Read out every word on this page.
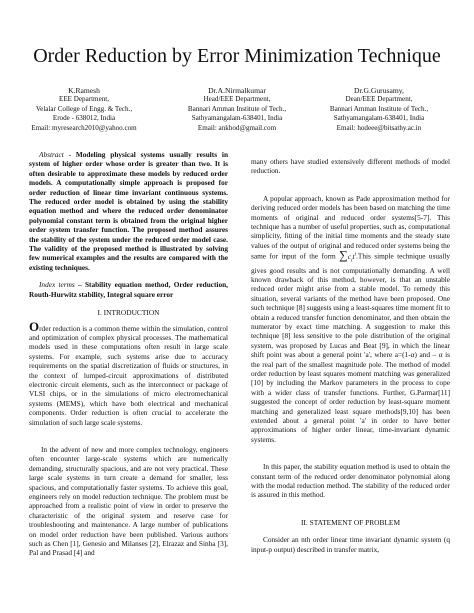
Order Reduction by Error Minimization Technique
K.Ramesh
EEE Department,
Velalar College of Engg. & Tech.,
Erode - 638012, India
Email: myresearch2010@yahoo.com
Dr.A.Nirmalkumar
Head/EEE Department,
Bannari Amman Institute of Tech.,
Sathyamangalam-638401, India
Email: ankhod@gmail.com
Dr.G.Gurusamy,
Dean/EEE Department,
Bannari Amman Institute of Tech.,
Sathyamangalam-638401, India
Email: hodeee@bitsathy.ac.in

Abstract - Modeling physical systems usually results in system of higher order whose order is greater than two. It is often desirable to approximate these models by reduced order models. A computationally simple approach is proposed for order reduction of linear time invariant continuous systems. The reduced order model is obtained by using the stability equation method and where the reduced order denominator polynomial constant term is obtained from the original higher order system transfer function. The proposed method assures the stability of the system under the reduced order model case. The validity of the proposed method is illustrated by solving few numerical examples and the results are compared with the existing techniques.

Index terms – Stability equation method, Order reduction, Routh-Hurwitz stability, Integral square error

I. INTRODUCTION

Order reduction is a common theme within the simulation, control and optimization of complex physical processes. The mathematical models used in these computations often result in large scale systems. For example, such systems arise due to accuracy requirements on the spatial discretization of fluids or structures, in the context of lumped-circuit approximations of distributed electronic circuit elements, such as the interconnect or package of VLSI chips, or in the simulations of micro electromechanical systems (MEMS), which have both electrical and mechanical components. Order reduction is often crucial to accelerate the simulation of such large scale systems.

In the advent of new and more complex technology, engineers often encounter large-scale systems which are numerically demanding, structurally spacious, and are not very practical. These large scale systems in turn create a demand for smaller, less spacious, and computationally faster systems. To achieve this goal, engineers rely on model reduction technique. The problem must be approached from a realistic point of view in order to preserve the characteristic of the original system and reserve case for troubleshooting and maintenance. A large number of publications on model order reduction have been published. Various authors such as Chen [1], Genesio and Milanses [2], Elrazaz and Sinha [3], Pal and Prasad [4] and

many others have studied extensively different methods of model reduction.

A popular approach, known as Pade approximation method for deriving reduced order models has been based on matching the time moments of original and reduced order systems[5-7]. This technique has a number of useful properties, such as, computational simplicity, fitting of the initial time moments and the steady state values of the output of original and reduced order systems being the same for input of the form $\sum c_it^i.This$ simple technique usually gives good results and is not computationally demanding. A well known drawback of this method, however, is that an unstable reduced order might arise from a stable model. To remedy this situation, several variants of the method have been proposed. One such technique [8] suggests using a least-squares time moment fit to obtain a reduced transfer function denominator, and then obtain the numerator by exact time matching. A suggestion to make this technique [8] less sensitive to the pole distribution of the original system, was proposed by Lucas and Beat [9], in which the linear shift point was about a general point 'a', where a=(1-α) and – α is the real part of the smallest magnitude pole. The method of model order reduction by least squares moment matching was generalized [10] by including the Markov parameters in the process to cope with a wider class of transfer functions. Further, G.Parmar[11] suggested the concept of order reduction by least-square moment matching and generalized least square methods[9,10] has been extended about a general point 'a' in order to have better approximations of higher order linear, time-invariant dynamic systems.

In this paper, the stability equation method is used to obtain the constant term of the reduced order denominator polynomial along with the modal reduction method. The stability of the reduced order is assured in this method.

II. STATEMENT OF PROBLEM

Consider an nth order linear time invariant dynamic system (q input-p output) described in transfer matrix,
